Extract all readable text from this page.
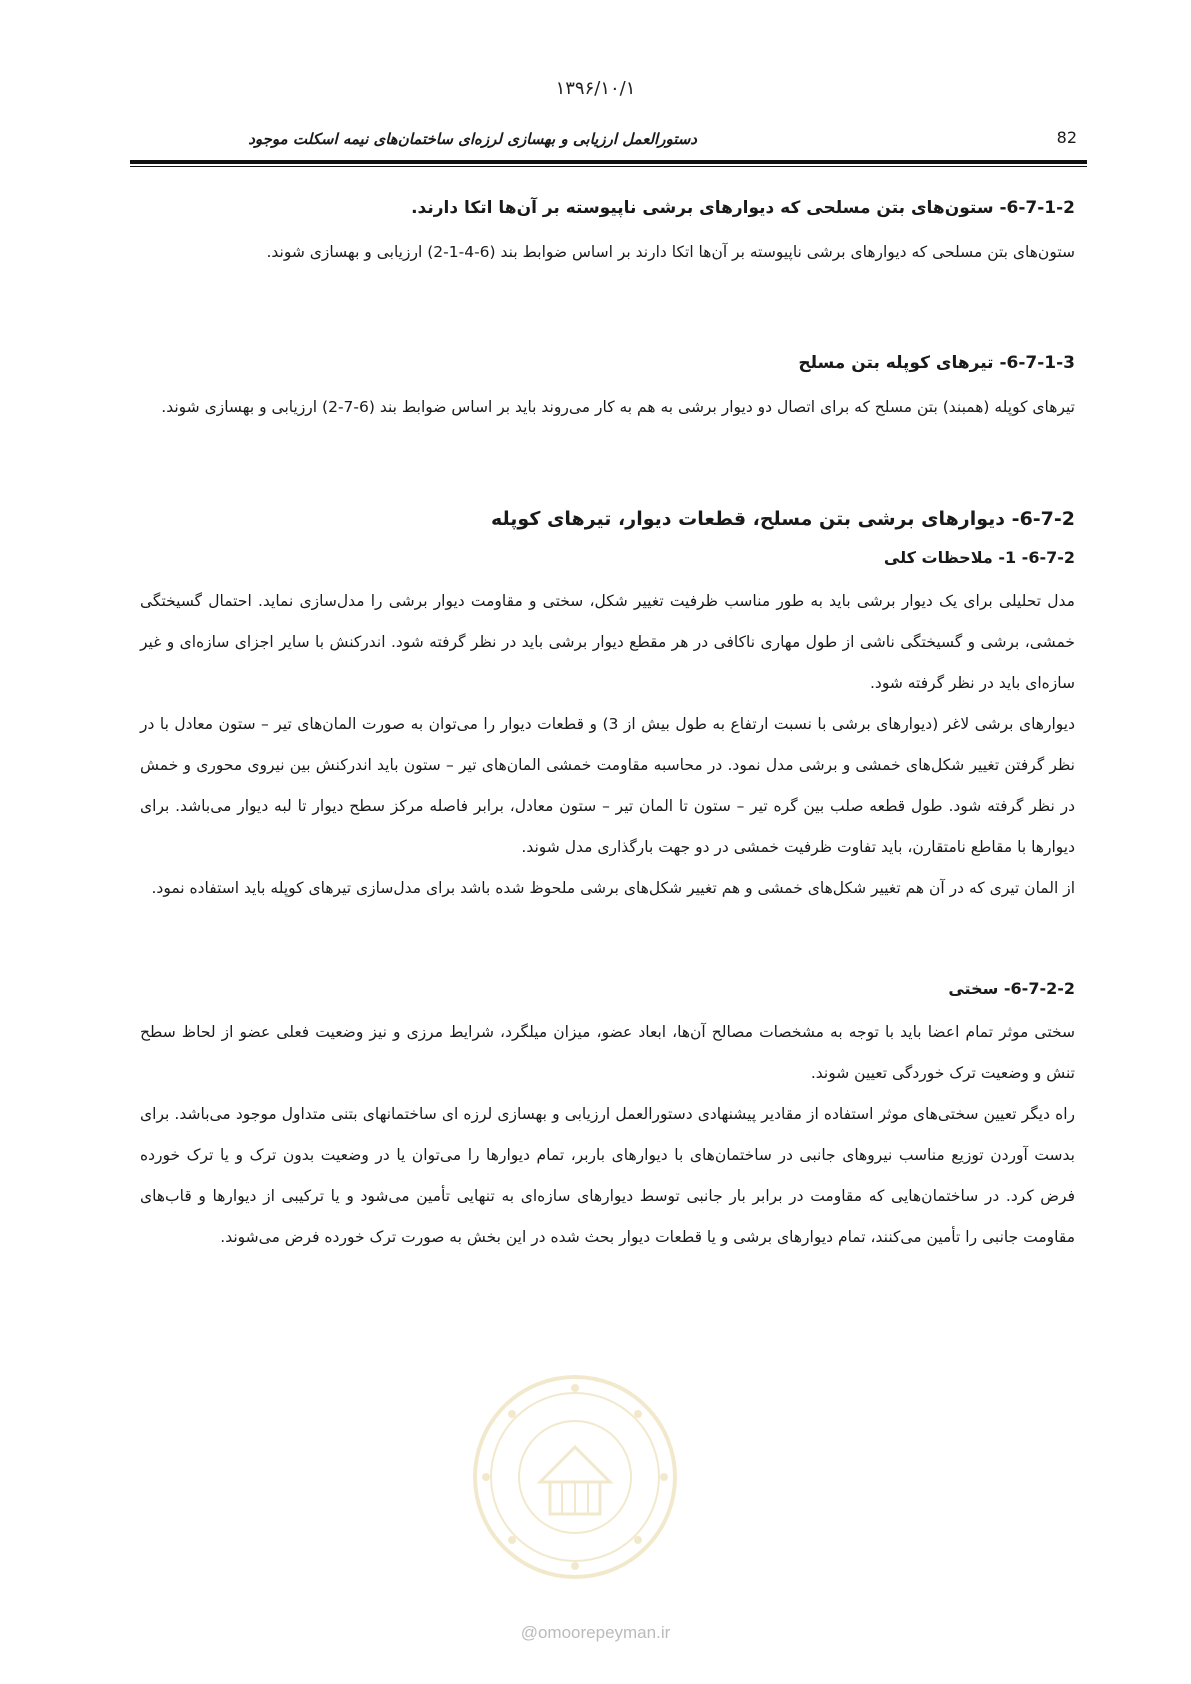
۱۳۹۶/۱۰/۱
دستورالعمل ارزیابی و بهسازی لرزه‌ای ساختمان‌های نیمه اسکلت موجود	82
6-7-1-2- ستون‌های بتن مسلحی که دیوارهای برشی ناپیوسته بر آن‌ها اتکا دارند.

ستون‌های بتن مسلحی که دیوارهای برشی ناپیوسته بر آن‌ها اتکا دارند بر اساس ضوابط بند (6-4-1-2) ارزیابی و بهسازی شوند.

6-7-1-3- تیرهای کوپله بتن مسلح

تیرهای کوپله (همبند) بتن مسلح که برای اتصال دو دیوار برشی به هم به کار می‌روند باید بر اساس ضوابط بند (6-7-2) ارزیابی و بهسازی شوند.

6-7-2- دیوارهای برشی بتن مسلح، قطعات دیوار، تیرهای کوپله
6-7-2- 1- ملاحظات کلی

مدل تحلیلی برای یک دیوار برشی باید به طور مناسب ظرفیت تغییر شکل، سختی و مقاومت دیوار برشی را مدل‌سازی نماید. احتمال گسیختگی خمشی، برشی و گسیختگی ناشی از طول مهاری ناکافی در هر مقطع دیوار برشی باید در نظر گرفته شود. اندرکنش با سایر اجزای سازه‌ای و غیر سازه‌ای باید در نظر گرفته شود.

دیوارهای برشی لاغر (دیوارهای برشی با نسبت ارتفاع به طول بیش از 3) و قطعات دیوار را می‌توان به صورت المان‌های تیر – ستون معادل با در نظر گرفتن تغییر شکل‌های خمشی و برشی مدل نمود. در محاسبه مقاومت خمشی المان‌های تیر – ستون باید اندرکنش بین نیروی محوری و خمش در نظر گرفته شود. طول قطعه صلب بین گره تیر – ستون تا المان تیر – ستون معادل، برابر فاصله مرکز سطح دیوار تا لبه دیوار می‌باشد. برای دیوارها با مقاطع نامتقارن، باید تفاوت ظرفیت خمشی در دو جهت بارگذاری مدل شوند.

از المان تیری که در آن هم تغییر شکل‌های خمشی و هم تغییر شکل‌های برشی ملحوظ شده باشد برای مدل‌سازی تیرهای کوپله باید استفاده نمود.

6-7-2-2- سختی

سختی موثر تمام اعضا باید با توجه به مشخصات مصالح آن‌ها، ابعاد عضو، میزان میلگرد، شرایط مرزی و نیز وضعیت فعلی عضو از لحاظ سطح تنش و وضعیت ترک خوردگی تعیین شوند.

راه دیگر تعیین سختی‌های موثر استفاده از مقادیر پیشنهادی دستورالعمل ارزیابی و بهسازی لرزه ای ساختمانهای بتنی متداول موجود می‌باشد. برای بدست آوردن توزیع مناسب نیروهای جانبی در ساختمان‌های با دیوارهای باربر، تمام دیوارها را می‌توان یا در وضعیت بدون ترک و یا ترک خورده فرض کرد. در ساختمان‌هایی که مقاومت در برابر بار جانبی توسط دیوارهای سازه‌ای به تنهایی تأمین می‌شود و یا ترکیبی از دیوارها و قاب‌های مقاومت جانبی را تأمین می‌کنند، تمام دیوارهای برشی و یا قطعات دیوار بحث شده در این بخش به صورت ترک خورده فرض می‌شوند.

@omoorepeyman.ir
